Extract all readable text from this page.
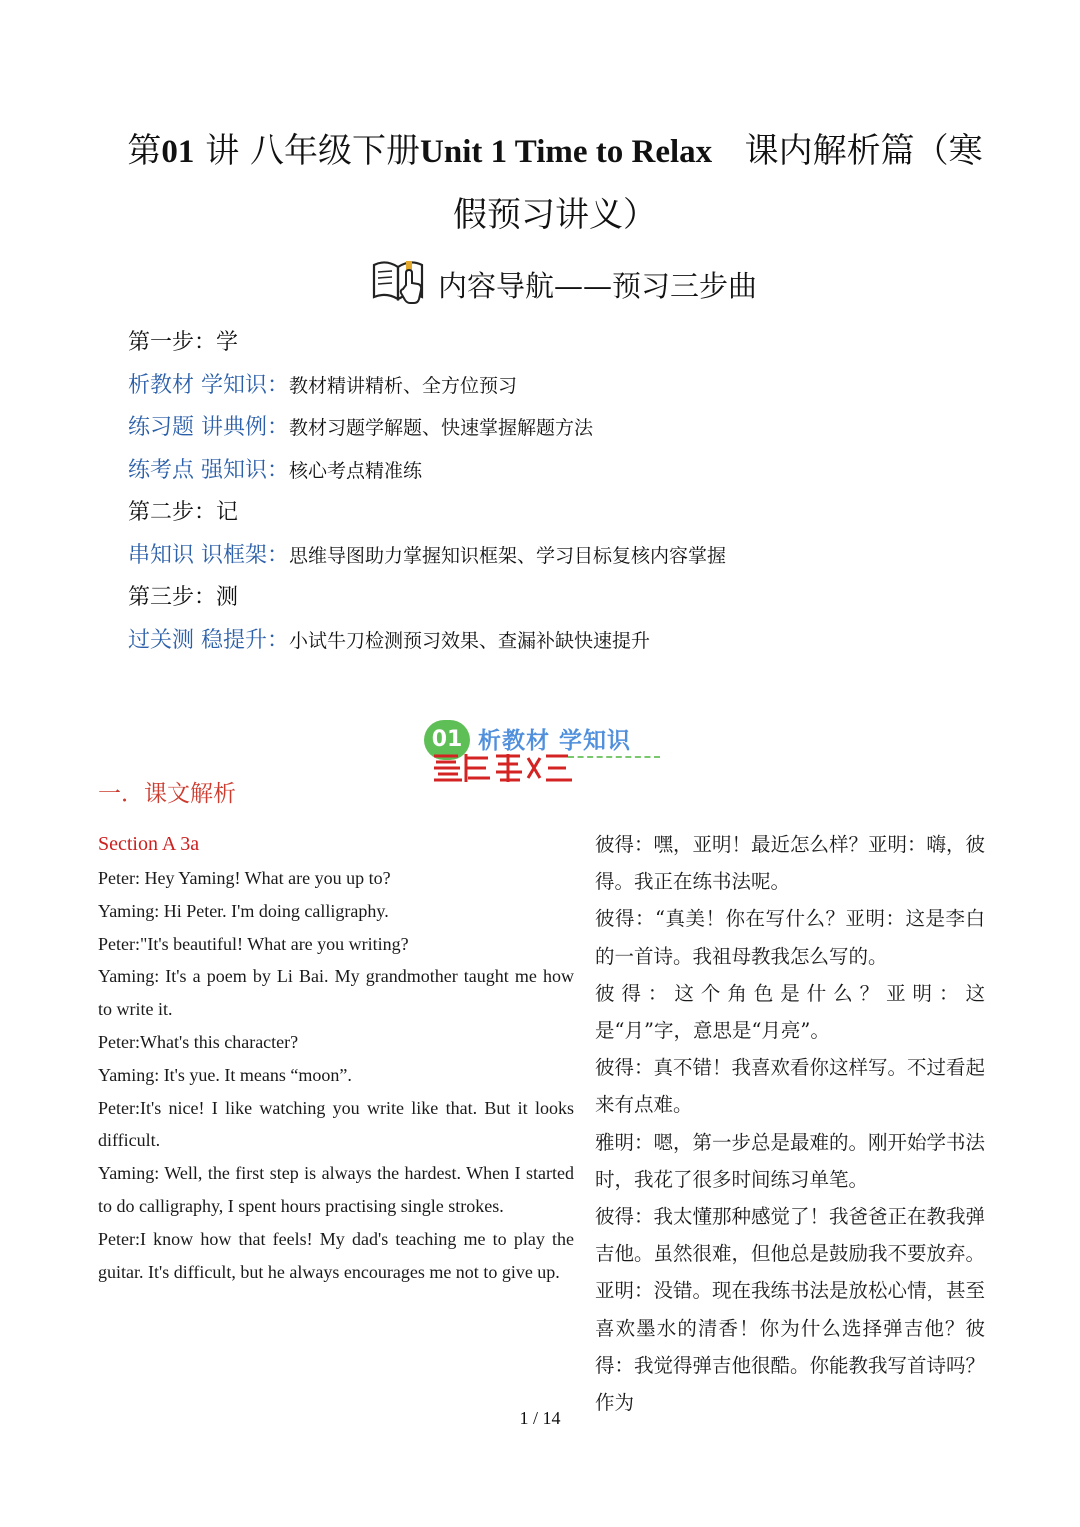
第01 讲 八年级下册Unit 1 Time to Relax 课内解析篇（寒
假预习讲义）
内容导航——预习三步曲
第一步：学
析教材 学知识：教材精讲精析、全方位预习
练习题 讲典例：教材习题学解题、快速掌握解题方法
练考点 强知识：核心考点精准练
第二步：记
串知识 识框架：思维导图助力掌握知识框架、学习目标复核内容掌握
第三步：测
过关测 稳提升：小试牛刀检测预习效果、查漏补缺快速提升
01 析教材 学知识
一．课文解析
Section A 3a

Peter: Hey Yaming! What are you up to?

Yaming: Hi Peter. I'm doing calligraphy.

Peter:"It's beautiful! What are you writing?

Yaming: It's a poem by Li Bai. My grandmother taught me how to write it.

Peter:What's this character?

Yaming: It's yue. It means “moon”.

Peter:It's nice! I like watching you write like that. But it looks difficult.

Yaming: Well, the first step is always the hardest. When I started to do calligraphy, I spent hours practising single strokes.

Peter:I know how that feels! My dad's teaching me to play the guitar. It's difficult, but he always encourages me not to give up.

彼得：嘿，亚明！最近怎么样？亚明：嗨，彼得。我正在练书法呢。

彼得：“真美！你在写什么？亚明：这是李白的一首诗。我祖母教我怎么写的。

彼得：这个角色是什么？亚明：这是“月”字，意思是“月亮”。

彼得：真不错！我喜欢看你这样写。不过看起来有点难。

雅明：嗯，第一步总是最难的。刚开始学书法时，我花了很多时间练习单笔。

彼得：我太懂那种感觉了！我爸爸正在教我弹吉他。虽然很难，但他总是鼓励我不要放弃。

亚明：没错。现在我练书法是放松心情，甚至喜欢墨水的清香！你为什么选择弹吉他？彼得：我觉得弹吉他很酷。你能教我写首诗吗？作为

1 / 14
